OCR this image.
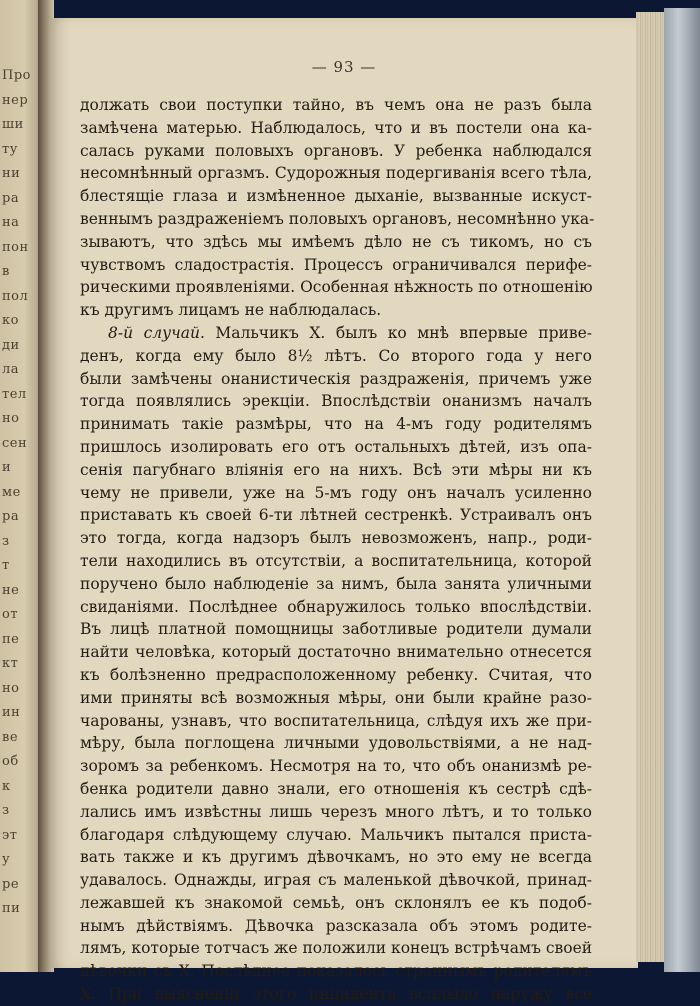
Про
нер
ши
ту
ни
ра
на
пон
в
пол
ко
ди
ла
тел
но
сен
и
ме
ра
з
т
не
от
пе
кт
но
ин
ве
об
к
з
эт
у
ре
пи
— 93 —
должать свои поступки тайно, въ чемъ она не разъ была
замѣчена матерью. Наблюдалось, что и въ постели она ка-
салась руками половыхъ органовъ. У ребенка наблюдался
несомнѣнный оргазмъ. Судорожныя подергиванія всего тѣла,
блестящіе глаза и измѣненное дыханіе, вызванные искуст-
веннымъ раздраженіемъ половыхъ органовъ, несомнѣнно ука-
зываютъ, что здѣсь мы имѣемъ дѣло не съ тикомъ, но съ
чувствомъ сладострастія. Процессъ ограничивался перифе-
рическими проявленіями. Особенная нѣжность по отношенію
къ другимъ лицамъ не наблюдалась.
8-й случай. Мальчикъ Х. былъ ко мнѣ впервые приве-
денъ, когда ему было 8½ лѣтъ. Со второго года у него
были замѣчены онанистическія раздраженія, причемъ уже
тогда появлялись эрекціи. Впослѣдствіи онанизмъ началъ
принимать такіе размѣры, что на 4-мъ году родителямъ
пришлось изолировать его отъ остальныхъ дѣтей, изъ опа-
сенія пагубнаго вліянія его на нихъ. Всѣ эти мѣры ни къ
чему не привели, уже на 5-мъ году онъ началъ усиленно
приставать къ своей 6-ти лѣтней сестренкѣ. Устраивалъ онъ
это тогда, когда надзоръ былъ невозможенъ, напр., роди-
тели находились въ отсутствіи, а воспитательница, которой
поручено было наблюденіе за нимъ, была занята уличными
свиданіями. Послѣднее обнаружилось только впослѣдствіи.
Въ лицѣ платной помощницы заботливые родители думали
найти человѣка, который достаточно внимательно отнесется
къ болѣзненно предрасположенному ребенку. Считая, что
ими приняты всѣ возможныя мѣры, они были крайне разо-
чарованы, узнавъ, что воспитательница, слѣдуя ихъ же при-
мѣру, была поглощена личными удовольствіями, а не над-
зоромъ за ребенкомъ. Несмотря на то, что объ онанизмѣ ре-
бенка родители давно знали, его отношенія къ сестрѣ сдѣ-
лались имъ извѣстны лишь черезъ много лѣтъ, и то только
благодаря слѣдующему случаю. Мальчикъ пытался приста-
вать также и къ другимъ дѣвочкамъ, но это ему не всегда
удавалось. Однажды, играя съ маленькой дѣвочкой, принад-
лежавшей къ знакомой семьѣ, онъ склонялъ ее къ подоб-
нымъ дѣйствіямъ. Дѣвочка разсказала объ этомъ родите-
лямъ, которые тотчасъ же положили конецъ встрѣчамъ своей
дѣвочки съ Х. Послѣднее показалось страннымъ родителямъ
Х. При выясненіи этого инцидента всплыло наружу все
